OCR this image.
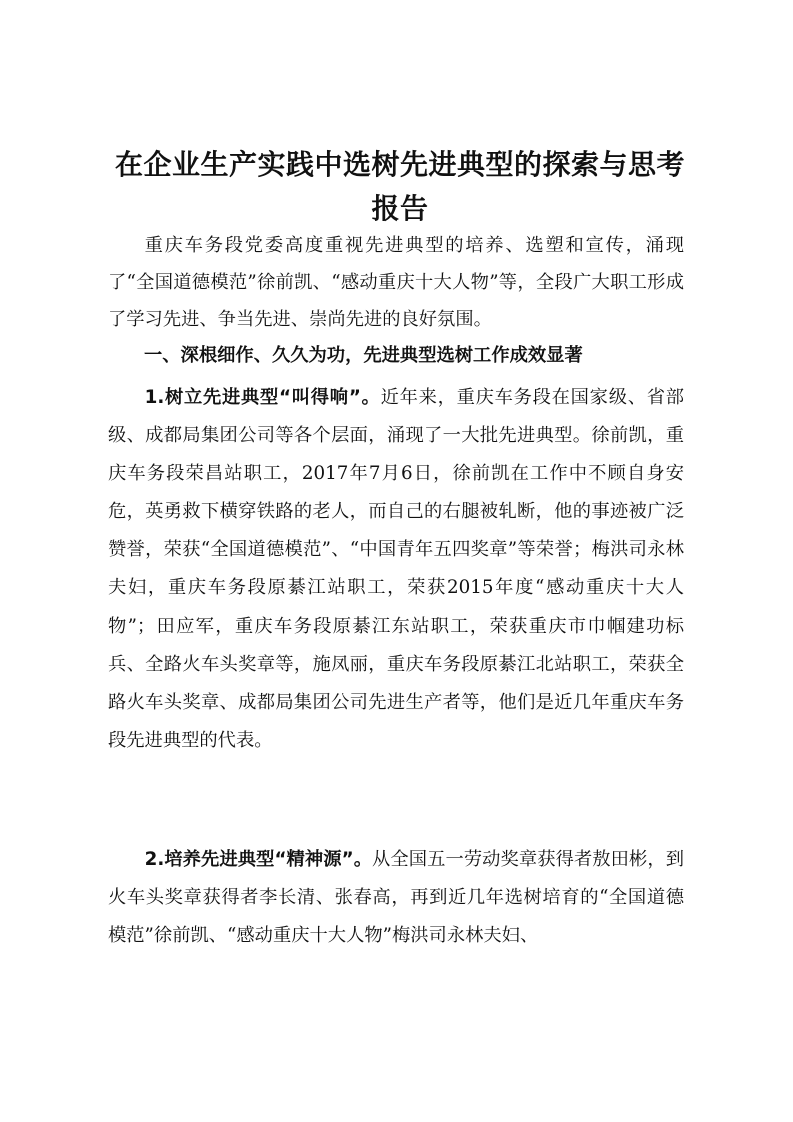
在企业生产实践中选树先进典型的探索与思考
报告

重庆车务段党委高度重视先进典型的培养、选塑和宣传，涌现了“全国道德模范”徐前凯、“感动重庆十大人物”等，全段广大职工形成了学习先进、争当先进、崇尚先进的良好氛围。

一、深根细作、久久为功，先进典型选树工作成效显著

1.树立先进典型“叫得响”。近年来，重庆车务段在国家级、省部级、成都局集团公司等各个层面，涌现了一大批先进典型。徐前凯，重庆车务段荣昌站职工，2017年7月6日，徐前凯在工作中不顾自身安危，英勇救下横穿铁路的老人，而自己的右腿被轧断，他的事迹被广泛赞誉，荣获“全国道德模范”、“中国青年五四奖章”等荣誉；梅洪司永林夫妇，重庆车务段原綦江站职工，荣获2015年度“感动重庆十大人物”；田应军，重庆车务段原綦江东站职工，荣获重庆市巾帼建功标兵、全路火车头奖章等，施凤丽，重庆车务段原綦江北站职工，荣获全路火车头奖章、成都局集团公司先进生产者等，他们是近几年重庆车务段先进典型的代表。

2.培养先进典型“精神源”。从全国五一劳动奖章获得者敖田彬，到火车头奖章获得者李长清、张春高，再到近几年选树培育的“全国道德模范”徐前凯、“感动重庆十大人物”梅洪司永林夫妇、
